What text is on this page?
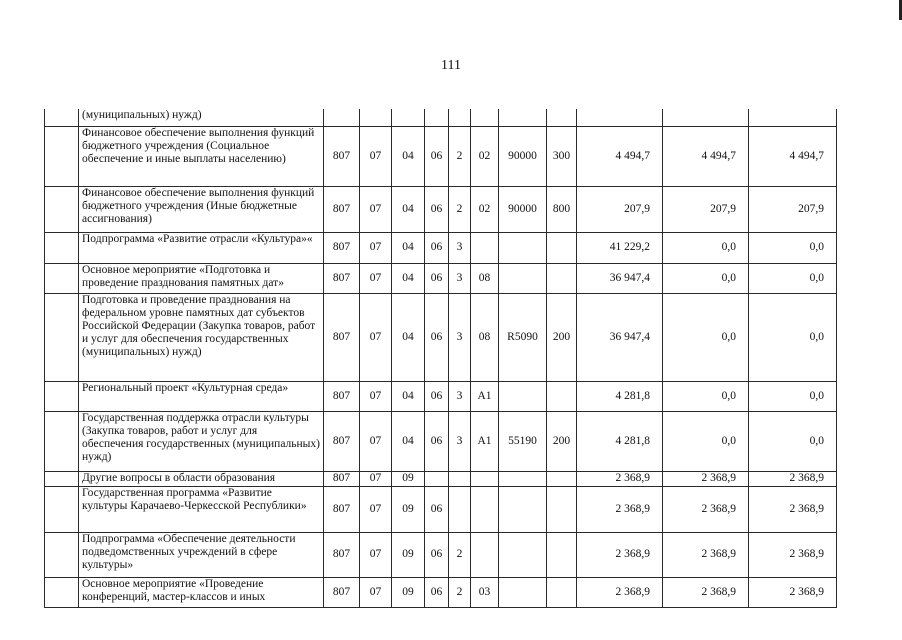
111
	(муниципальных) нужд)											
	Финансовое обеспечение выполнения функций бюджетного учреждения (Социальное обеспечение и иные выплаты населению)	807	07	04	06	2	02	90000	300	4 494,7	4 494,7	4 494,7
	Финансовое обеспечение выполнения функций бюджетного учреждения (Иные бюджетные ассигнования)	807	07	04	06	2	02	90000	800	207,9	207,9	207,9
	Подпрограмма «Развитие отрасли «Культура»«	807	07	04	06	3				41 229,2	0,0	0,0
	Основное мероприятие «Подготовка и проведение празднования памятных дат»	807	07	04	06	3	08			36 947,4	0,0	0,0
	Подготовка и проведение празднования на федеральном уровне памятных дат субъектов Российской Федерации (Закупка товаров, работ и услуг для обеспечения государственных (муниципальных) нужд)	807	07	04	06	3	08	R5090	200	36 947,4	0,0	0,0
	Региональный проект «Культурная среда»	807	07	04	06	3	A1			4 281,8	0,0	0,0
	Государственная поддержка отрасли культуры (Закупка товаров, работ и услуг для обеспечения государственных (муниципальных) нужд)	807	07	04	06	3	A1	55190	200	4 281,8	0,0	0,0
	Другие вопросы в области образования	807	07	09						2 368,9	2 368,9	2 368,9
	Государственная программа «Развитие культуры Карачаево-Черкесской Республики»	807	07	09	06					2 368,9	2 368,9	2 368,9
	Подпрограмма «Обеспечение деятельности подведомственных учреждений в сфере культуры»	807	07	09	06	2				2 368,9	2 368,9	2 368,9
	Основное мероприятие «Проведение конференций, мастер-классов и иных	807	07	09	06	2	03			2 368,9	2 368,9	2 368,9
